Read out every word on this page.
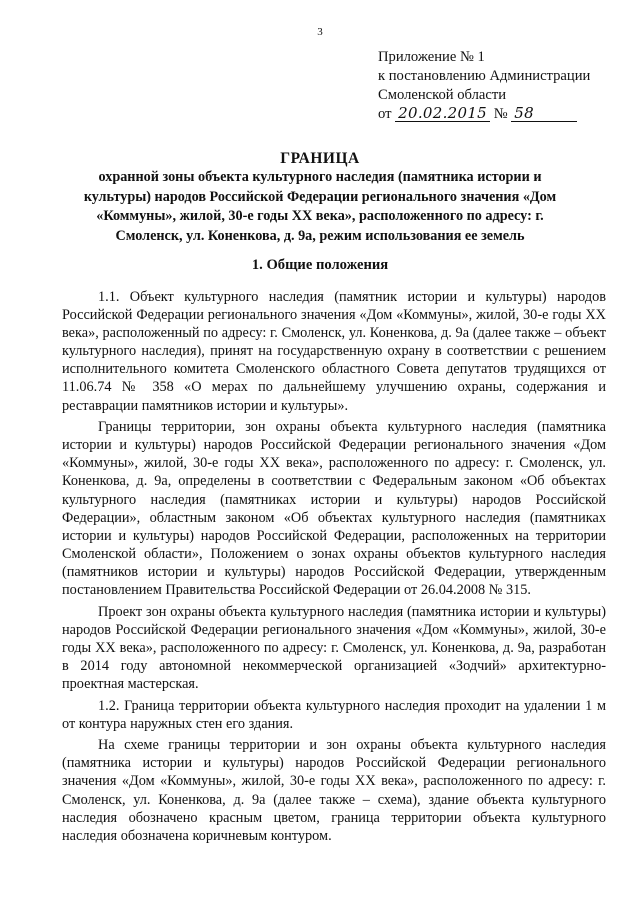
3
Приложение № 1
к постановлению Администрации
Смоленской области
от 20.02.2015 № 58
ГРАНИЦА
охранной зоны объекта культурного наследия (памятника истории и культуры) народов Российской Федерации регионального значения «Дом «Коммуны», жилой, 30-е годы XX века», расположенного по адресу: г. Смоленск, ул. Коненкова, д. 9а, режим использования ее земель
1. Общие положения

1.1. Объект культурного наследия (памятник истории и культуры) народов Российской Федерации регионального значения «Дом «Коммуны», жилой, 30-е годы XX века», расположенный по адресу: г. Смоленск, ул. Коненкова, д. 9а (далее также – объект культурного наследия), принят на государственную охрану в соответствии с решением исполнительного комитета Смоленского областного Совета депутатов трудящихся от 11.06.74 № 358 «О мерах по дальнейшему улучшению охраны, содержания и реставрации памятников истории и культуры».

Границы территории, зон охраны объекта культурного наследия (памятника истории и культуры) народов Российской Федерации регионального значения «Дом «Коммуны», жилой, 30-е годы XX века», расположенного по адресу: г. Смоленск, ул. Коненкова, д. 9а, определены в соответствии с Федеральным законом «Об объектах культурного наследия (памятниках истории и культуры) народов Российской Федерации», областным законом «Об объектах культурного наследия (памятниках истории и культуры) народов Российской Федерации, расположенных на территории Смоленской области», Положением о зонах охраны объектов культурного наследия (памятников истории и культуры) народов Российской Федерации, утвержденным постановлением Правительства Российской Федерации от 26.04.2008 № 315.

Проект зон охраны объекта культурного наследия (памятника истории и культуры) народов Российской Федерации регионального значения «Дом «Коммуны», жилой, 30-е годы XX века», расположенного по адресу: г. Смоленск, ул. Коненкова, д. 9а, разработан в 2014 году автономной некоммерческой организацией «Зодчий» архитектурно-проектная мастерская.

1.2. Граница территории объекта культурного наследия проходит на удалении 1 м от контура наружных стен его здания.

На схеме границы территории и зон охраны объекта культурного наследия (памятника истории и культуры) народов Российской Федерации регионального значения «Дом «Коммуны», жилой, 30-е годы XX века», расположенного по адресу: г. Смоленск, ул. Коненкова, д. 9а (далее также – схема), здание объекта культурного наследия обозначено красным цветом, граница территории объекта культурного наследия обозначена коричневым контуром.
